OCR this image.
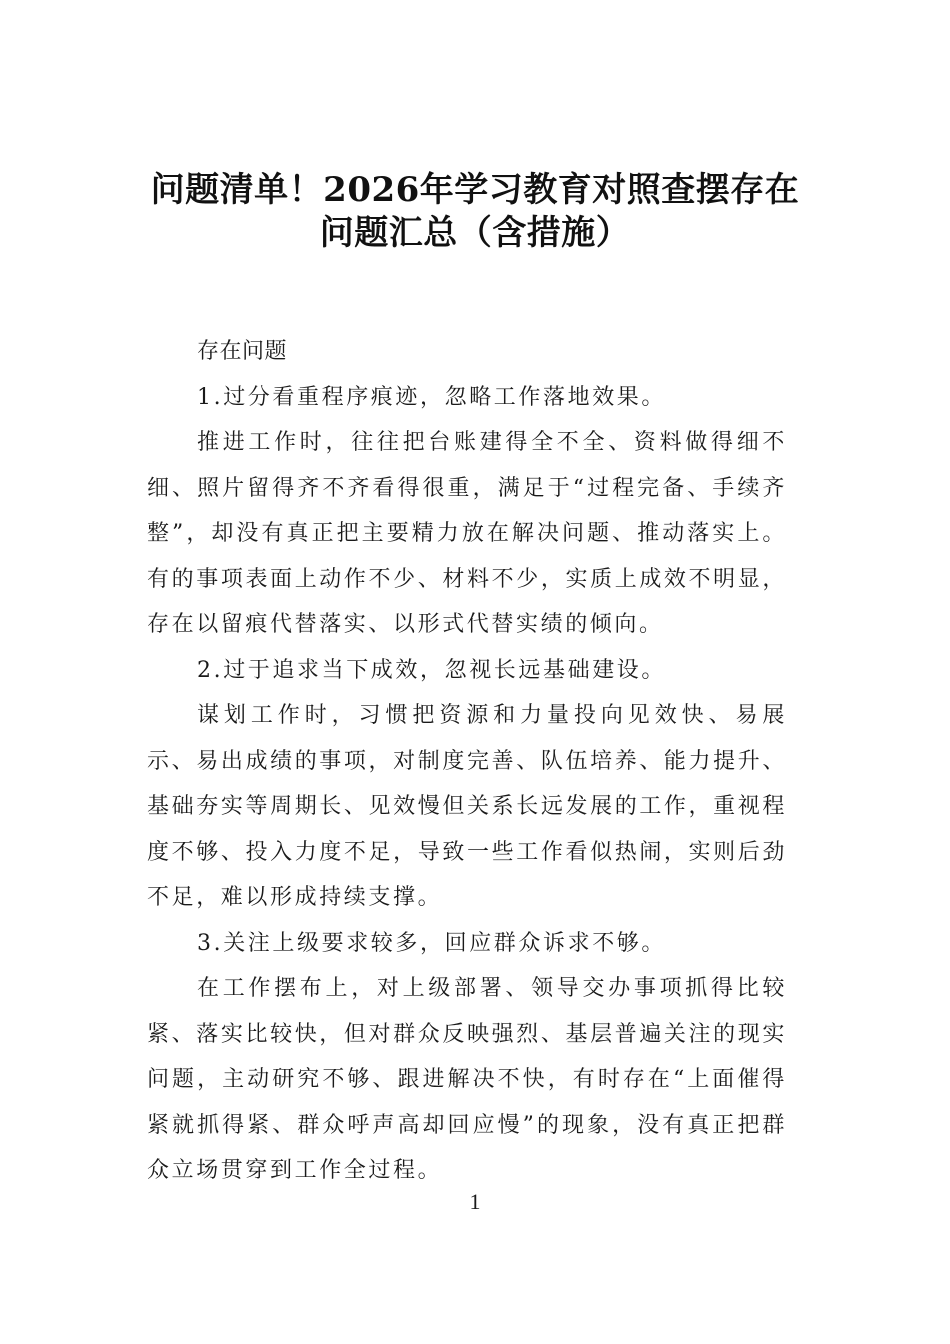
问题清单！2026年学习教育对照查摆存在
问题汇总（含措施）

存在问题

1.过分看重程序痕迹，忽略工作落地效果。

推进工作时，往往把台账建得全不全、资料做得细不细、照片留得齐不齐看得很重，满足于“过程完备、手续齐整”，却没有真正把主要精力放在解决问题、推动落实上。有的事项表面上动作不少、材料不少，实质上成效不明显，存在以留痕代替落实、以形式代替实绩的倾向。

2.过于追求当下成效，忽视长远基础建设。

谋划工作时，习惯把资源和力量投向见效快、易展示、易出成绩的事项，对制度完善、队伍培养、能力提升、基础夯实等周期长、见效慢但关系长远发展的工作，重视程度不够、投入力度不足，导致一些工作看似热闹，实则后劲不足，难以形成持续支撑。

3.关注上级要求较多，回应群众诉求不够。

在工作摆布上，对上级部署、领导交办事项抓得比较紧、落实比较快，但对群众反映强烈、基层普遍关注的现实问题，主动研究不够、跟进解决不快，有时存在“上面催得紧就抓得紧、群众呼声高却回应慢”的现象，没有真正把群众立场贯穿到工作全过程。

1
